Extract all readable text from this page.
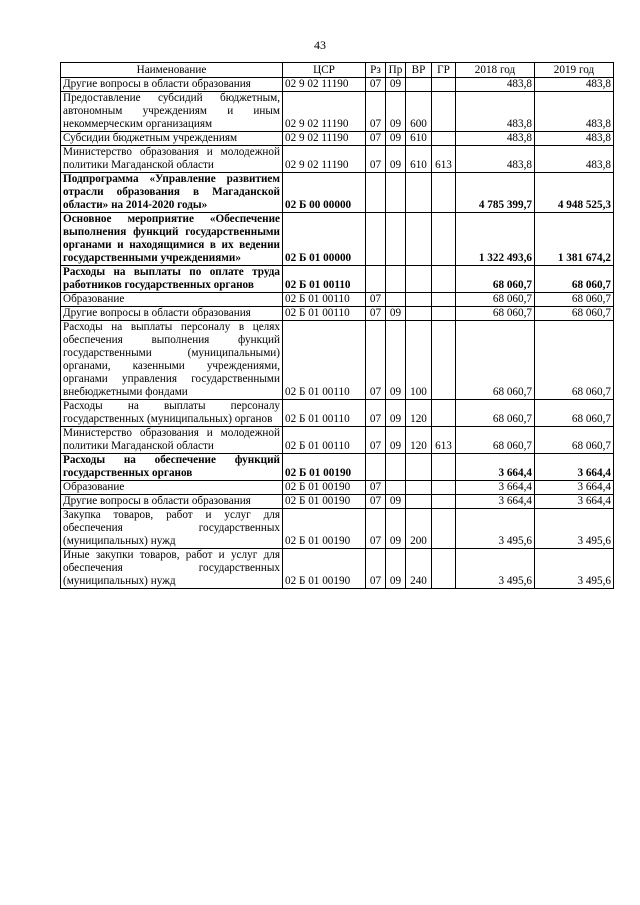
43
Наименование	ЦСР	Рз	Пр	ВР	ГР	2018 год	2019 год
Другие вопросы в области образования	02 9 02 11190	07	09			483,8	483,8
Предоставление субсидий бюджетным, автономным учреждениям и иным некоммерческим организациям	02 9 02 11190	07	09	600		483,8	483,8
Субсидии бюджетным учреждениям	02 9 02 11190	07	09	610		483,8	483,8
Министерство образования и молодежной политики Магаданской области	02 9 02 11190	07	09	610	613	483,8	483,8
Подпрограмма «Управление развитием отрасли образования в Магаданской области» на 2014-2020 годы»	02 Б 00 00000					4 785 399,7	4 948 525,3
Основное мероприятие «Обеспечение выполнения функций государственными органами и находящимися в их ведении государственными учреждениями»	02 Б 01 00000					1 322 493,6	1 381 674,2
Расходы на выплаты по оплате труда работников государственных органов	02 Б 01 00110					68 060,7	68 060,7
Образование	02 Б 01 00110	07				68 060,7	68 060,7
Другие вопросы в области образования	02 Б 01 00110	07	09			68 060,7	68 060,7
Расходы на выплаты персоналу в целях обеспечения выполнения функций государственными (муниципальными) органами, казенными учреждениями, органами управления государственными внебюджетными фондами	02 Б 01 00110	07	09	100		68 060,7	68 060,7
Расходы на выплаты персоналу государственных (муниципальных) органов	02 Б 01 00110	07	09	120		68 060,7	68 060,7
Министерство образования и молодежной политики Магаданской области	02 Б 01 00110	07	09	120	613	68 060,7	68 060,7
Расходы на обеспечение функций государственных органов	02 Б 01 00190					3 664,4	3 664,4
Образование	02 Б 01 00190	07				3 664,4	3 664,4
Другие вопросы в области образования	02 Б 01 00190	07	09			3 664,4	3 664,4
Закупка товаров, работ и услуг для обеспечения государственных (муниципальных) нужд	02 Б 01 00190	07	09	200		3 495,6	3 495,6
Иные закупки товаров, работ и услуг для обеспечения государственных (муниципальных) нужд	02 Б 01 00190	07	09	240		3 495,6	3 495,6
